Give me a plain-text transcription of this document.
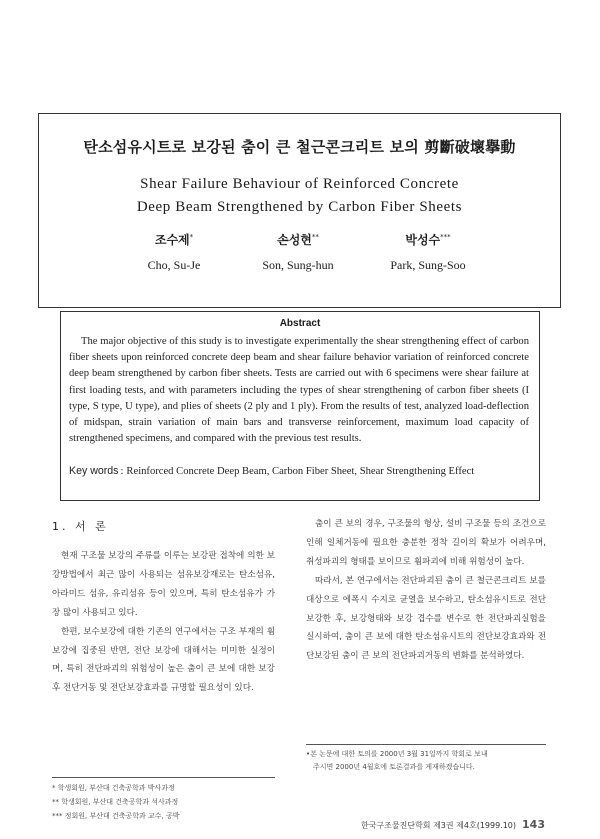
탄소섬유시트로 보강된 춤이 큰 철근콘크리트 보의 剪斷破壞擧動
Shear Failure Behaviour of Reinforced Concrete
Deep Beam Strengthened by Carbon Fiber Sheets
조수제*
Cho, Su-Je
손성현**
Son, Sung-hun
박성수***
Park, Sung-Soo
Abstract
The major objective of this study is to investigate experimentally the shear strengthening effect of carbon fiber sheets upon reinforced concrete deep beam and shear failure behavior variation of reinforced concrete deep beam strengthened by carbon fiber sheets. Tests are carried out with 6 specimens were shear failure at first loading tests, and with parameters including the types of shear strengthening of carbon fiber sheets (I type, S type, U type), and plies of sheets (2 ply and 1 ply). From the results of test, analyzed load-deflection of midspan, strain variation of main bars and transverse reinforcement, maximum load capacity of strengthened specimens, and compared with the previous test results.
Key words : Reinforced Concrete Deep Beam, Carbon Fiber Sheet, Shear Strengthening Effect
1. 서 론

현재 구조물 보강의 주류를 이루는 보강판 접착에 의한 보강방법에서 최근 많이 사용되는 섬유보강재로는 탄소섬유, 아라미드 섬유, 유리섬유 등이 있으며, 특히 탄소섬유가 가장 많이 사용되고 있다.

한편, 보수보강에 대한 기존의 연구에서는 구조 부재의 휨 보강에 집중된 반면, 전단 보강에 대해서는 미미한 실정이며, 특히 전단파괴의 위험성이 높은 춤이 큰 보에 대한 보강 후 전단거동 및 전단보강효과를 규명할 필요성이 있다.

춤이 큰 보의 경우, 구조물의 형상, 설비 구조물 등의 조건으로 인해 일체거동에 필요한 충분한 정착 길이의 확보가 어려우며, 취성파괴의 형태를 보이므로 휨파괴에 비해 위험성이 높다.

따라서, 본 연구에서는 전단파괴된 춤이 큰 철근콘크리트 보를 대상으로 에폭시 수지로 균열을 보수하고, 탄소섬유시트로 전단보강한 후, 보강형태와 보강 겹수를 변수로 한 전단파괴실험을 실시하여, 춤이 큰 보에 대한 탄소섬유시트의 전단보강효과와 전단보강된 춤이 큰 보의 전단파괴거동의 변화를 분석하였다.

* 학생회원, 부산대 건축공학과 박사과정

** 학생회원, 부산대 건축공학과 석사과정

*** 정회원, 부산대 건축공학과 교수, 공박

•본 논문에 대한 토의를 2000년 3월 31일까지 학회로 보내

주시면 2000년 4월호에 토론결과를 게재하겠습니다.

한국구조물진단학회 제3권 제4호(1999.10) 143
